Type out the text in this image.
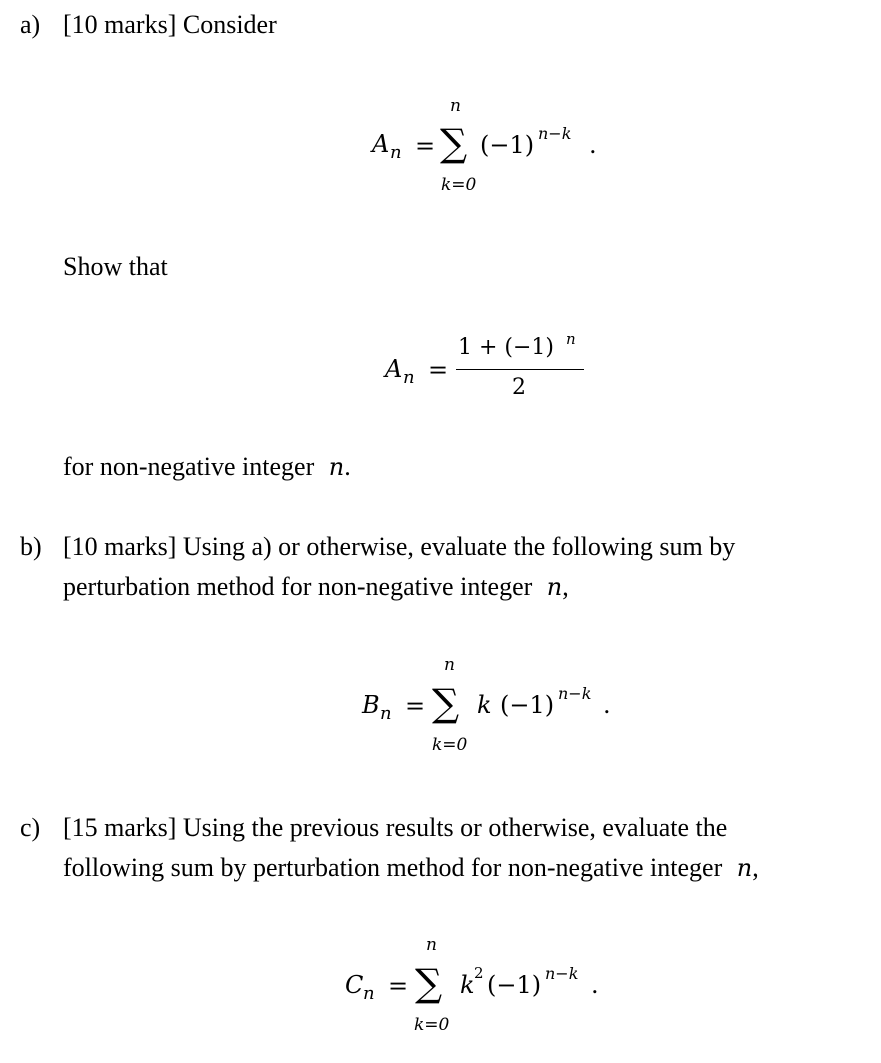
a) [10 marks] Consider
A n =
n
∑
k=0
(−1) n−k .
Show that
A n =
1 + (−1) n
2
for non-negative integer n.
b) [10 marks] Using a) or otherwise, evaluate the following sum by
perturbation method for non-negative integer n,
B n =
n
∑
k=0
k (−1) n−k .
c) [15 marks] Using the previous results or otherwise, evaluate the
following sum by perturbation method for non-negative integer n,
C n =
n
∑
k=0
k 2 (−1) n−k .
